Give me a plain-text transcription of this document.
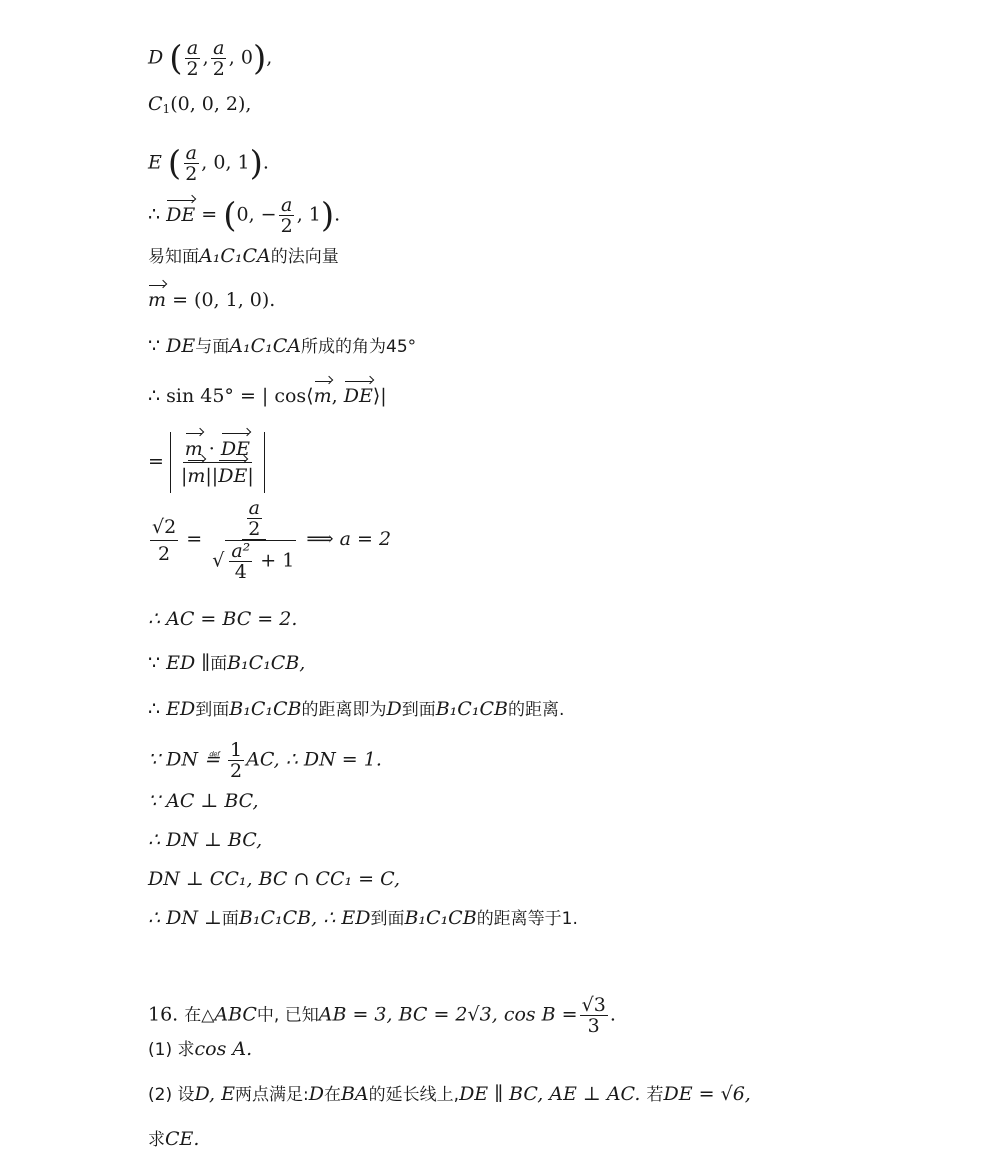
D ( $\frac{a}{2}$ , $\frac{a}{2}$ , 0),
$C_1(0$, 0, 2),
E ( $\frac{a}{2}$ , 0, 1).
∴ DE = (0, − $\frac{a}{2}$ , 1).
易知面A₁C₁CA的法向量
m = (0, 1, 0).
∵ DE与面A₁C₁CA所成的角为45°
∴ sin 45° = | cos⟨m, DE⟩|
= $\frac{m \cdot DE}{|m||DE|}$
$\frac{√2}{2} = \frac{\frac{a}{2}}{√ \frac{\text{a²}}{4} + 1}$ ⟹ a = 2
∴ AC = BC = 2.
∵ ED ∥面B₁C₁CB,
∴ ED到面B₁C₁CB的距离即为D到面B₁C₁CB的距离.
∵ DN ≝ $\frac{1}{2}$ AC, ∴ DN = 1.
∵ AC ⊥ BC,
∴ DN ⊥ BC,
DN ⊥ CC₁, BC ∩ CC₁ = C,
∴ DN ⊥面B₁C₁CB, ∴ ED到面B₁C₁CB的距离等于1.
16. 在△ABC中, 已知AB = 3, BC = 2√3, $\cos B = \frac{√3}{3}$ .
(1) 求cos A.
(2) 设D, E两点满足:D在BA的延长线上,DE ∥ BC, AE ⊥ AC. 若DE = √6,
求CE.
